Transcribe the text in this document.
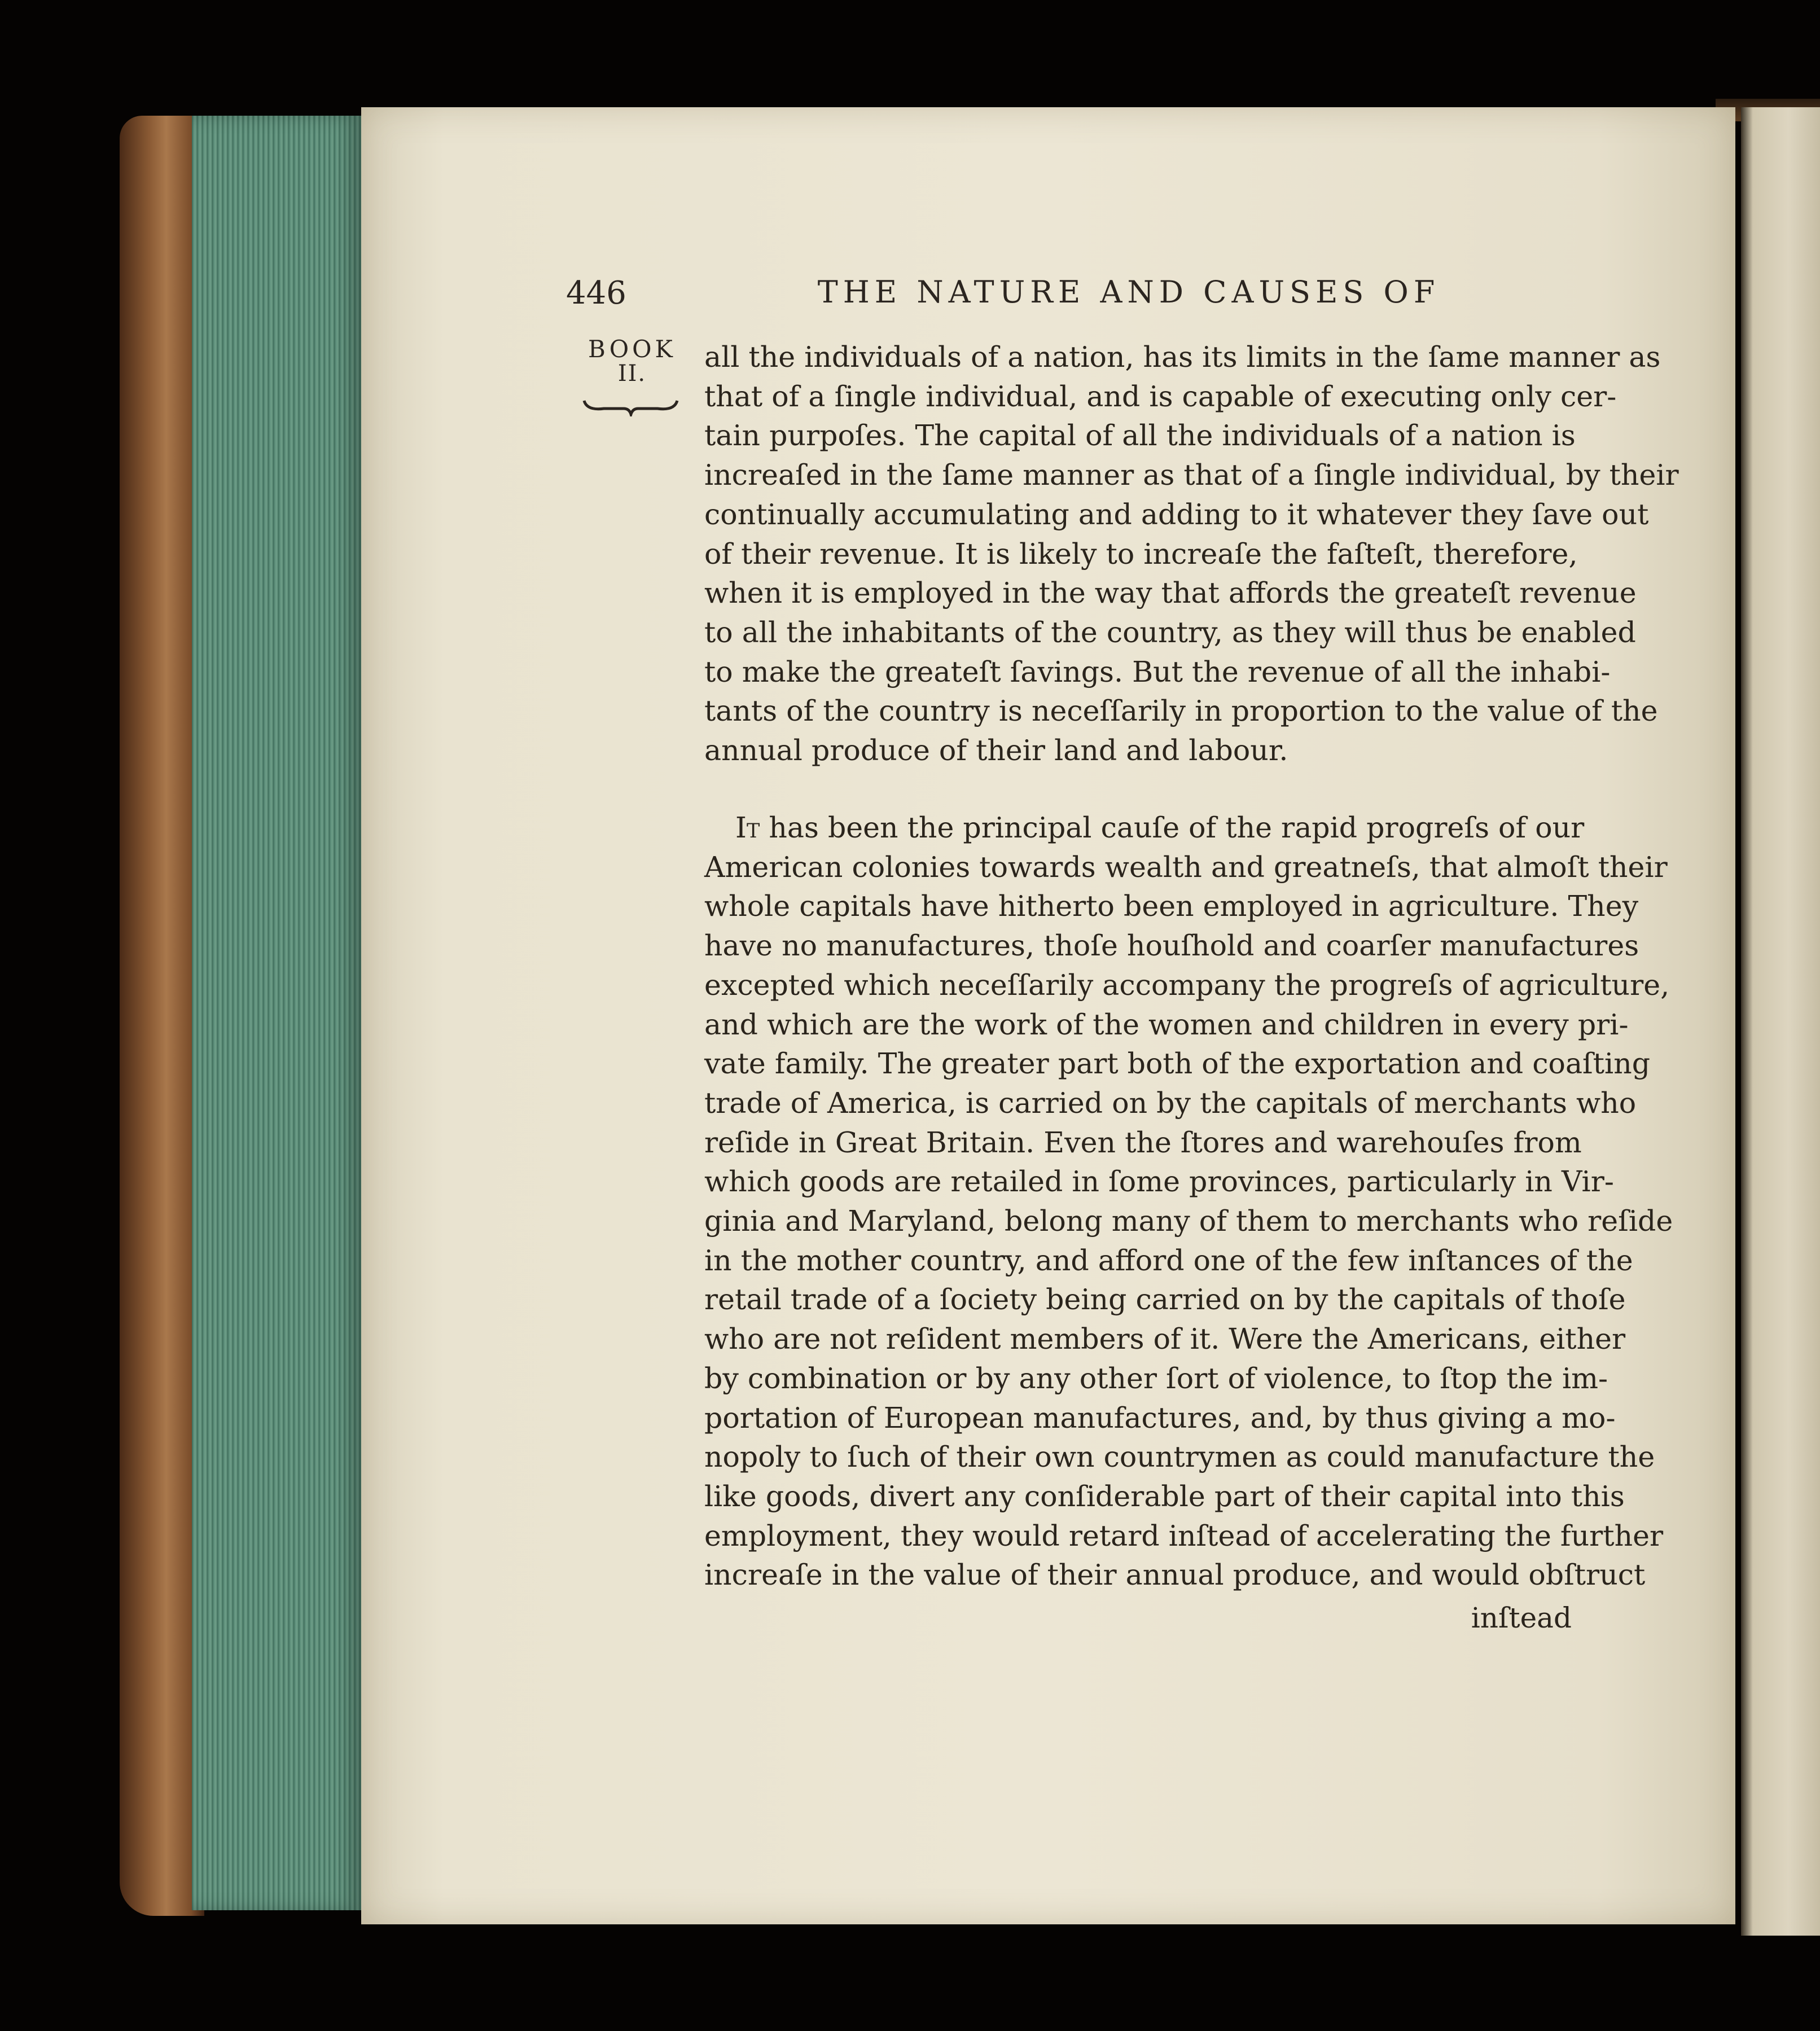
446	THE NATURE AND CAUSES OF
BOOK
II.	all the individuals of a nation, has its limits in the ſame manner as
that of a ſingle individual, and is capable of executing only cer-
tain purpoſes. The capital of all the individuals of a nation is
increaſed in the ſame manner as that of a ſingle individual, by their
continually accumulating and adding to it whatever they ſave out
of their revenue. It is likely to increaſe the faſteſt, therefore,
when it is employed in the way that affords the greateſt revenue
to all the inhabitants of the country, as they will thus be enabled
to make the greateſt ſavings. But the revenue of all the inhabi-
tants of the country is neceſſarily in proportion to the value of the
annual produce of their land and labour.
It has been the principal cauſe of the rapid progreſs of our
American colonies towards wealth and greatneſs, that almoſt their
whole capitals have hitherto been employed in agriculture. They
have no manufactures, thoſe houſhold and coarſer manufactures
excepted which neceſſarily accompany the progreſs of agriculture,
and which are the work of the women and children in every pri-
vate family. The greater part both of the exportation and coaſting
trade of America, is carried on by the capitals of merchants who
reſide in Great Britain. Even the ſtores and warehouſes from
which goods are retailed in ſome provinces, particularly in Vir-
ginia and Maryland, belong many of them to merchants who reſide
in the mother country, and afford one of the few inſtances of the
retail trade of a ſociety being carried on by the capitals of thoſe
who are not reſident members of it. Were the Americans, either
by combination or by any other ſort of violence, to ſtop the im-
portation of European manufactures, and, by thus giving a mo-
nopoly to ſuch of their own countrymen as could manufacture the
like goods, divert any conſiderable part of their capital into this
employment, they would retard inſtead of accelerating the further
increaſe in the value of their annual produce, and would obſtruct
inſtead
